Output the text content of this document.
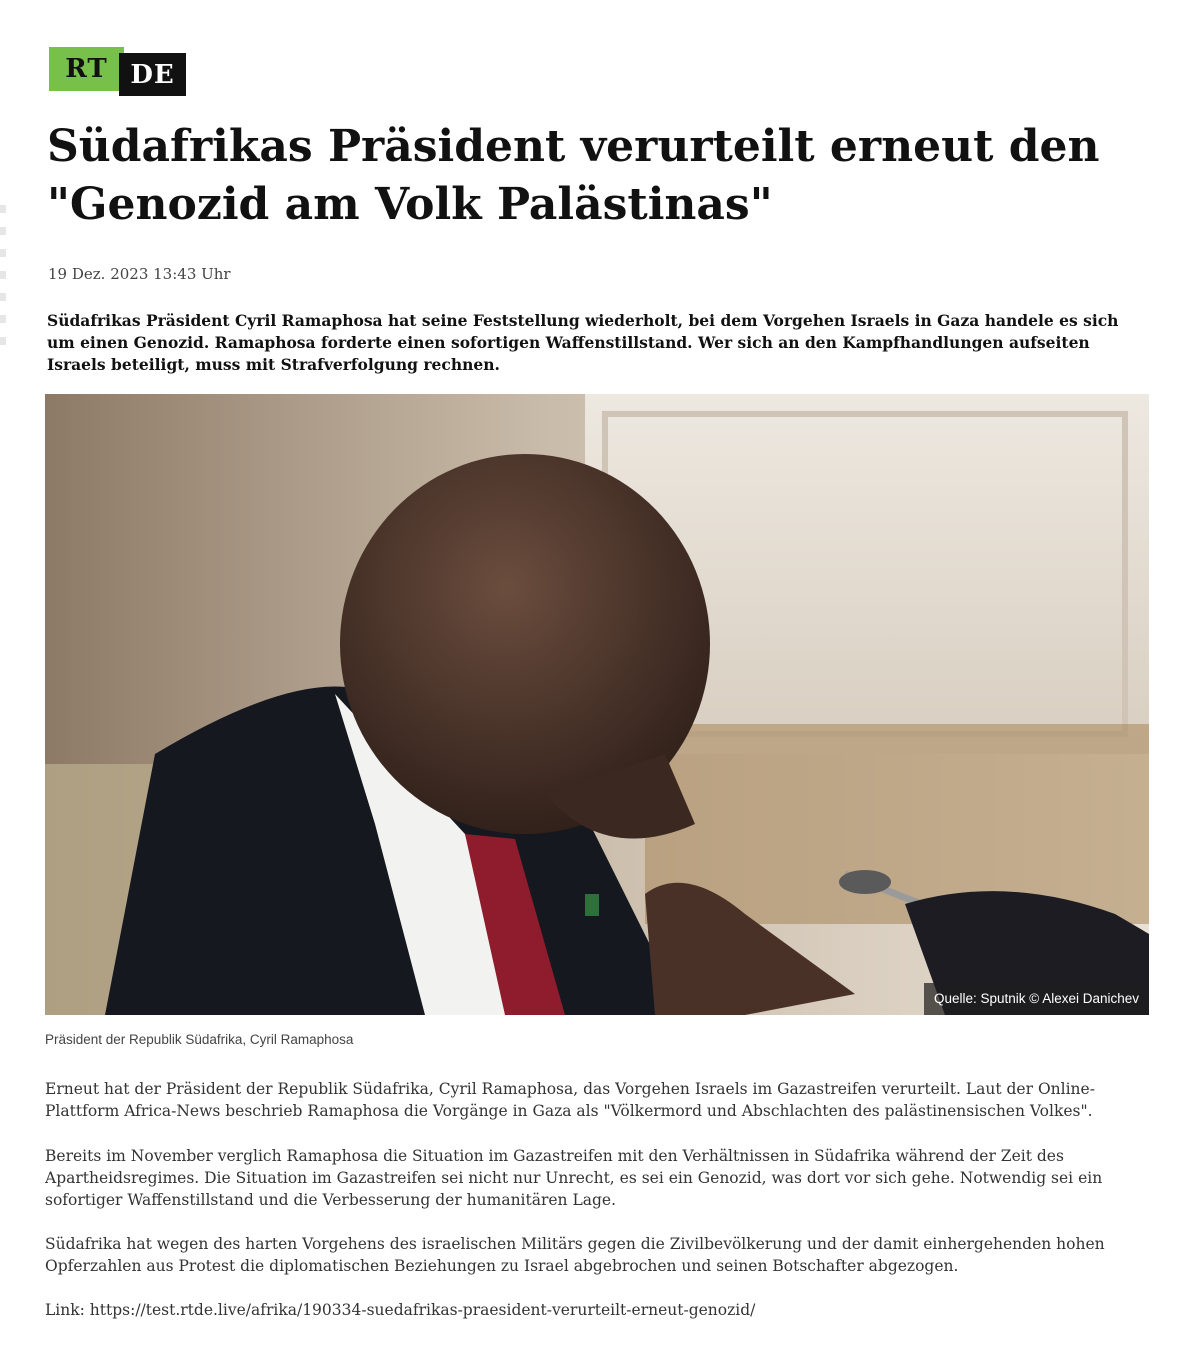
RT DE
Südafrikas Präsident verurteilt erneut den "Genozid am Volk Palästinas"
19 Dez. 2023 13:43 Uhr

Südafrikas Präsident Cyril Ramaphosa hat seine Feststellung wiederholt, bei dem Vorgehen Israels in Gaza handele es sich um einen Genozid. Ramaphosa forderte einen sofortigen Waffenstillstand. Wer sich an den Kampfhandlungen aufseiten Israels beteiligt, muss mit Strafverfolgung rechnen.

Quelle: Sputnik © Alexei Danichev
Präsident der Republik Südafrika, Cyril Ramaphosa

Erneut hat der Präsident der Republik Südafrika, Cyril Ramaphosa, das Vorgehen Israels im Gazastreifen verurteilt. Laut der Online-Plattform Africa-News beschrieb Ramaphosa die Vorgänge in Gaza als "Völkermord und Abschlachten des palästinensischen Volkes".

Bereits im November verglich Ramaphosa die Situation im Gazastreifen mit den Verhältnissen in Südafrika während der Zeit des Apartheidsregimes. Die Situation im Gazastreifen sei nicht nur Unrecht, es sei ein Genozid, was dort vor sich gehe. Notwendig sei ein sofortiger Waffenstillstand und die Verbesserung der humanitären Lage.

Südafrika hat wegen des harten Vorgehens des israelischen Militärs gegen die Zivilbevölkerung und der damit einhergehenden hohen Opferzahlen aus Protest die diplomatischen Beziehungen zu Israel abgebrochen und seinen Botschafter abgezogen.

Link: https://test.rtde.live/afrika/190334-suedafrikas-praesident-verurteilt-erneut-genozid/
